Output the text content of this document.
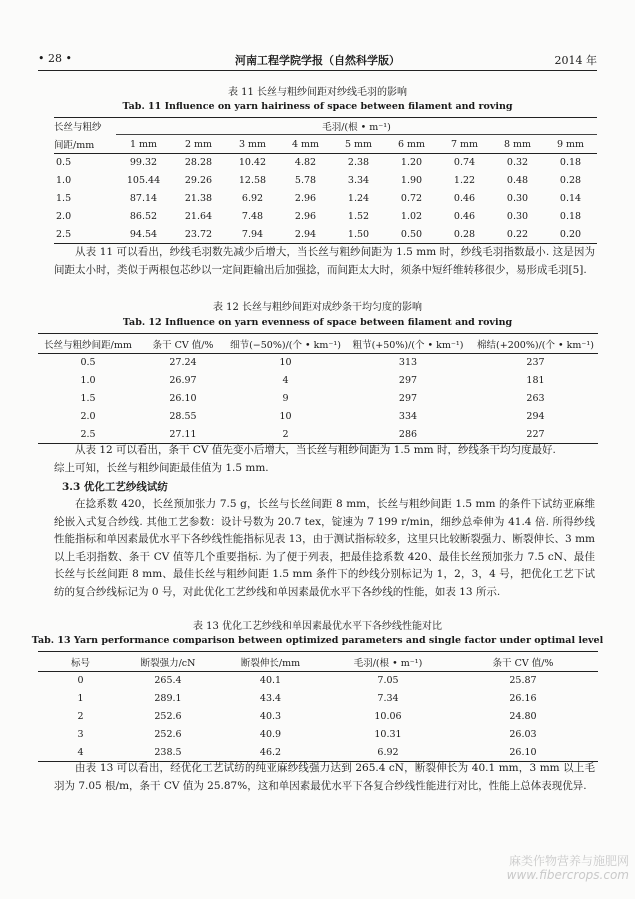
• 28 •	河南工程学院学报（自然科学版）	2014 年
表 11 长丝与粗纱间距对纱线毛羽的影响
Tab. 11 Influence on yarn hairiness of space between filament and roving
长丝与粗纱	毛羽/(根 • m⁻¹)								
间距/mm	1 mm	2 mm	3 mm	4 mm	5 mm	6 mm	7 mm	8 mm	9 mm
0.5	99.32	28.28	10.42	4.82	2.38	1.20	0.74	0.32	0.18
1.0	105.44	29.26	12.58	5.78	3.34	1.90	1.22	0.48	0.28
1.5	87.14	21.38	6.92	2.96	1.24	0.72	0.46	0.30	0.14
2.0	86.52	21.64	7.48	2.96	1.52	1.02	0.46	0.30	0.18
2.5	94.54	23.72	7.94	2.94	1.50	0.50	0.28	0.22	0.20
从表 11 可以看出，纱线毛羽数先减少后增大，当长丝与粗纱间距为 1.5 mm 时，纱线毛羽指数最小. 这是因为间距太小时，类似于两根包芯纱以一定间距输出后加强捻，而间距太大时，须条中短纤维转移很少，易形成毛羽[5].
表 12 长丝与粗纱间距对成纱条干均匀度的影响
Tab. 12 Influence on yarn evenness of space between filament and roving
长丝与粗纱间距/mm	条干 CV 值/%	细节(−50%)/(个 • km⁻¹)	粗节(+50%)/(个 • km⁻¹)	棉结(+200%)/(个 • km⁻¹)
0.5	27.24	10	313	237
1.0	26.97	4	297	181
1.5	26.10	9	297	263
2.0	28.55	10	334	294
2.5	27.11	2	286	227
从表 12 可以看出，条干 CV 值先变小后增大，当长丝与粗纱间距为 1.5 mm 时，纱线条干均匀度最好.
综上可知，长丝与粗纱间距最佳值为 1.5 mm.
3.3 优化工艺纱线试纺
在捻系数 420，长丝预加张力 7.5 g，长丝与长丝间距 8 mm，长丝与粗纱间距 1.5 mm 的条件下试纺亚麻维纶嵌入式复合纱线. 其他工艺参数：设计号数为 20.7 tex，锭速为 7 199 r/min，细纱总牵伸为 41.4 倍. 所得纱线性能指标和单因素最优水平下各纱线性能指标见表 13，由于测试指标较多，这里只比较断裂强力、断裂伸长、3 mm 以上毛羽指数、条干 CV 值等几个重要指标. 为了便于列表，把最佳捻系数 420、最佳长丝预加张力 7.5 cN、最佳长丝与长丝间距 8 mm、最佳长丝与粗纱间距 1.5 mm 条件下的纱线分别标记为 1，2，3，4 号，把优化工艺下试纺的复合纱线标记为 0 号，对此优化工艺纱线和单因素最优水平下各纱线的性能，如表 13 所示.
表 13 优化工艺纱线和单因素最优水平下各纱线性能对比
Tab. 13 Yarn performance comparison between optimized parameters and single factor under optimal level
标号	断裂强力/cN	断裂伸长/mm	毛羽/(根 • m⁻¹)	条干 CV 值/%
0	265.4	40.1	7.05	25.87
1	289.1	43.4	7.34	26.16
2	252.6	40.3	10.06	24.80
3	252.6	40.9	10.31	26.03
4	238.5	46.2	6.92	26.10
由表 13 可以看出，经优化工艺试纺的纯亚麻纱线强力达到 265.4 cN，断裂伸长为 40.1 mm，3 mm 以上毛羽为 7.05 根/m，条干 CV 值为 25.87%，这和单因素最优水平下各复合纱线性能进行对比，性能上总体表现优异.
麻类作物营养与施肥网
www.fibercrops.com
